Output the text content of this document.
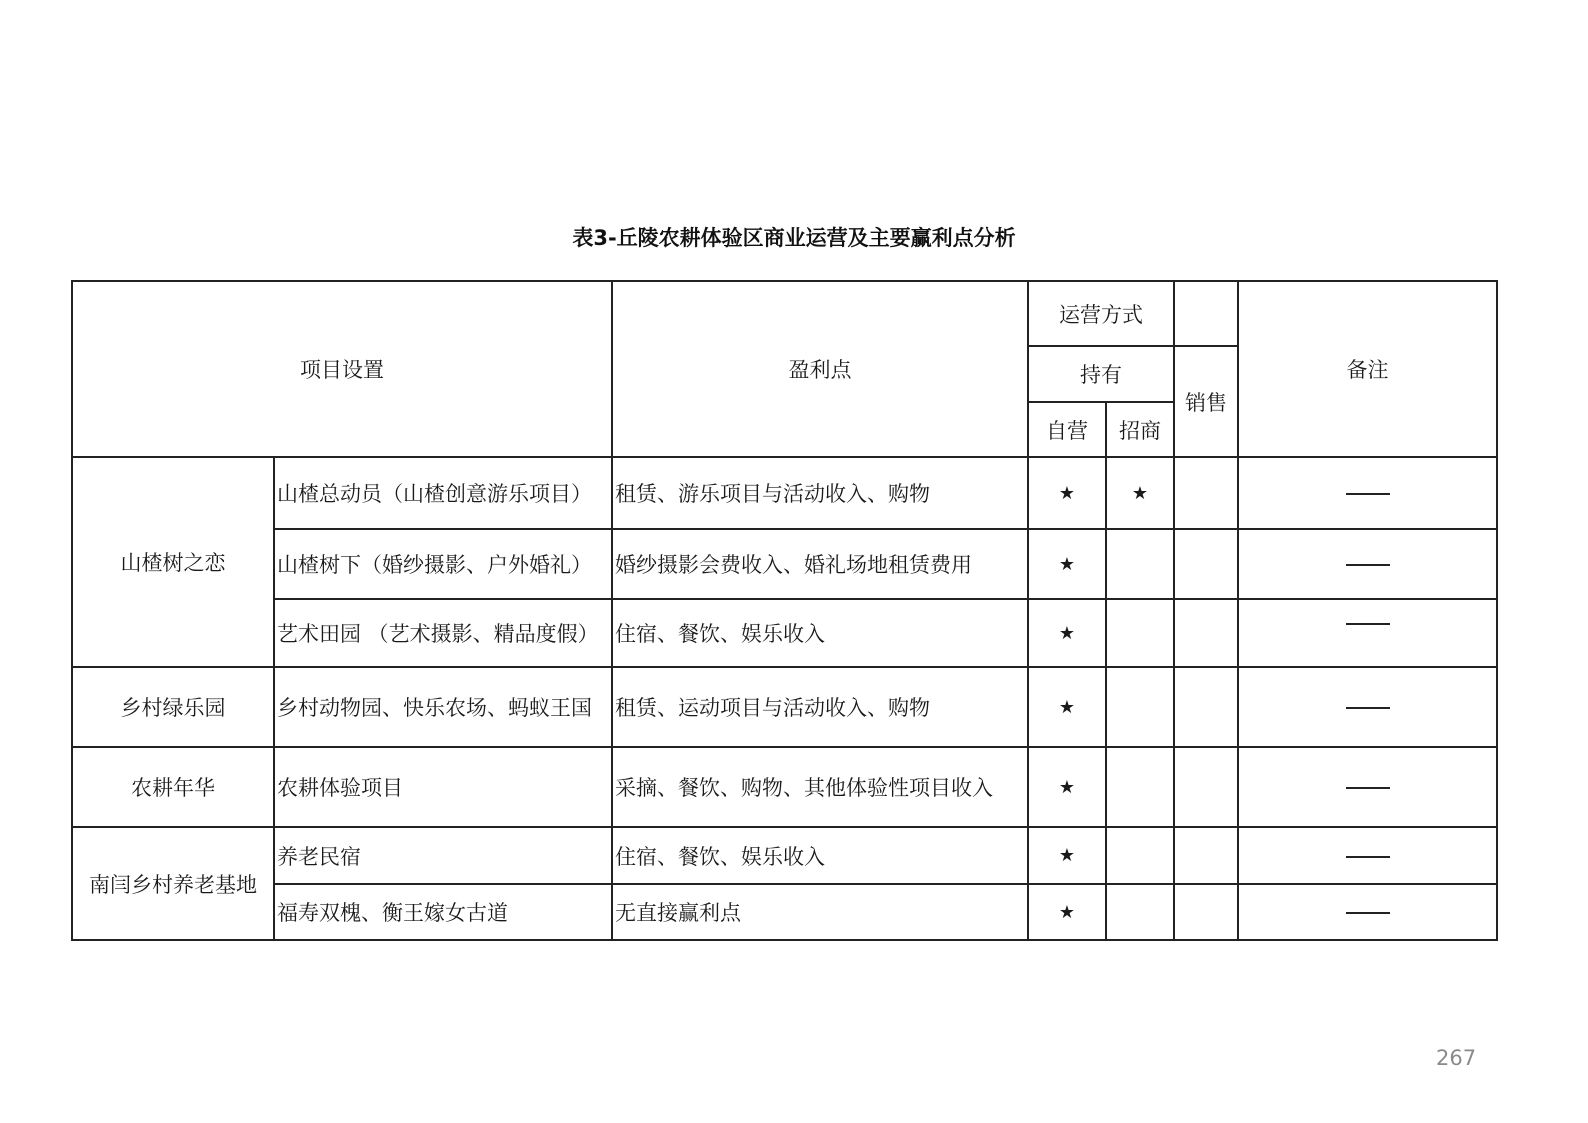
表3-丘陵农耕体验区商业运营及主要赢利点分析
项目设置		盈利点	运营方式			备注
			持有		销售	
			自营	招商		
山楂树之恋	山楂总动员（山楂创意游乐项目）	租赁、游乐项目与活动收入、购物	★	★		
	山楂树下（婚纱摄影、户外婚礼）	婚纱摄影会费收入、婚礼场地租赁费用	★			
	艺术田园 （艺术摄影、精品度假）	住宿、餐饮、娱乐收入	★			
乡村绿乐园	乡村动物园、快乐农场、蚂蚁王国	租赁、运动项目与活动收入、购物	★			
农耕年华	农耕体验项目	采摘、餐饮、购物、其他体验性项目收入	★			
南闫乡村养老基地	养老民宿	住宿、餐饮、娱乐收入	★			
	福寿双槐、衡王嫁女古道	无直接赢利点	★			
267
